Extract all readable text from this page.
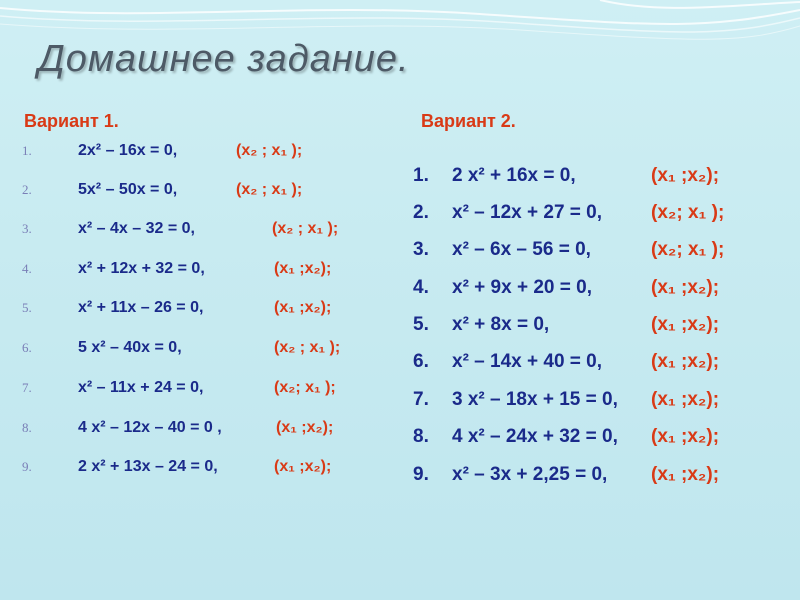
Домашнее задание.
Вариант 1.	Вариант 2.
1.	2x² – 16x = 0,	(x₂ ; x₁ );
2.	5x² – 50x = 0,	(x₂ ; x₁ );
3.	x² – 4x – 32 = 0,	(x₂ ; x₁ );
4.	x² + 12x + 32 = 0,	(x₁ ;x₂);
5.	x² + 11x – 26 = 0,	(x₁ ;x₂);
6.	5 x² – 40x = 0,	(x₂ ; x₁ );
7.	x² – 11x + 24 = 0,	(x₂; x₁ );
8.	4 x² – 12x – 40 = 0 ,	(x₁ ;x₂);
9.	2 x² + 13x – 24 = 0,	(x₁ ;x₂);
1. 2 x² + 16x = 0,	(x₁ ;x₂);
2. x² – 12x + 27 = 0,	(x₂; x₁ );
3. x² – 6x – 56 = 0,	(x₂; x₁ );
4. x² + 9x + 20 = 0,	(x₁ ;x₂);
5. x² + 8x = 0,	(x₁ ;x₂);
6. x² – 14x + 40 = 0,	(x₁ ;x₂);
7. 3 x² – 18x + 15 = 0, (x₁ ;x₂);
8. 4 x² – 24x + 32 = 0, (x₁ ;x₂);
9. x² – 3x + 2,25 = 0, (x₁ ;x₂);
